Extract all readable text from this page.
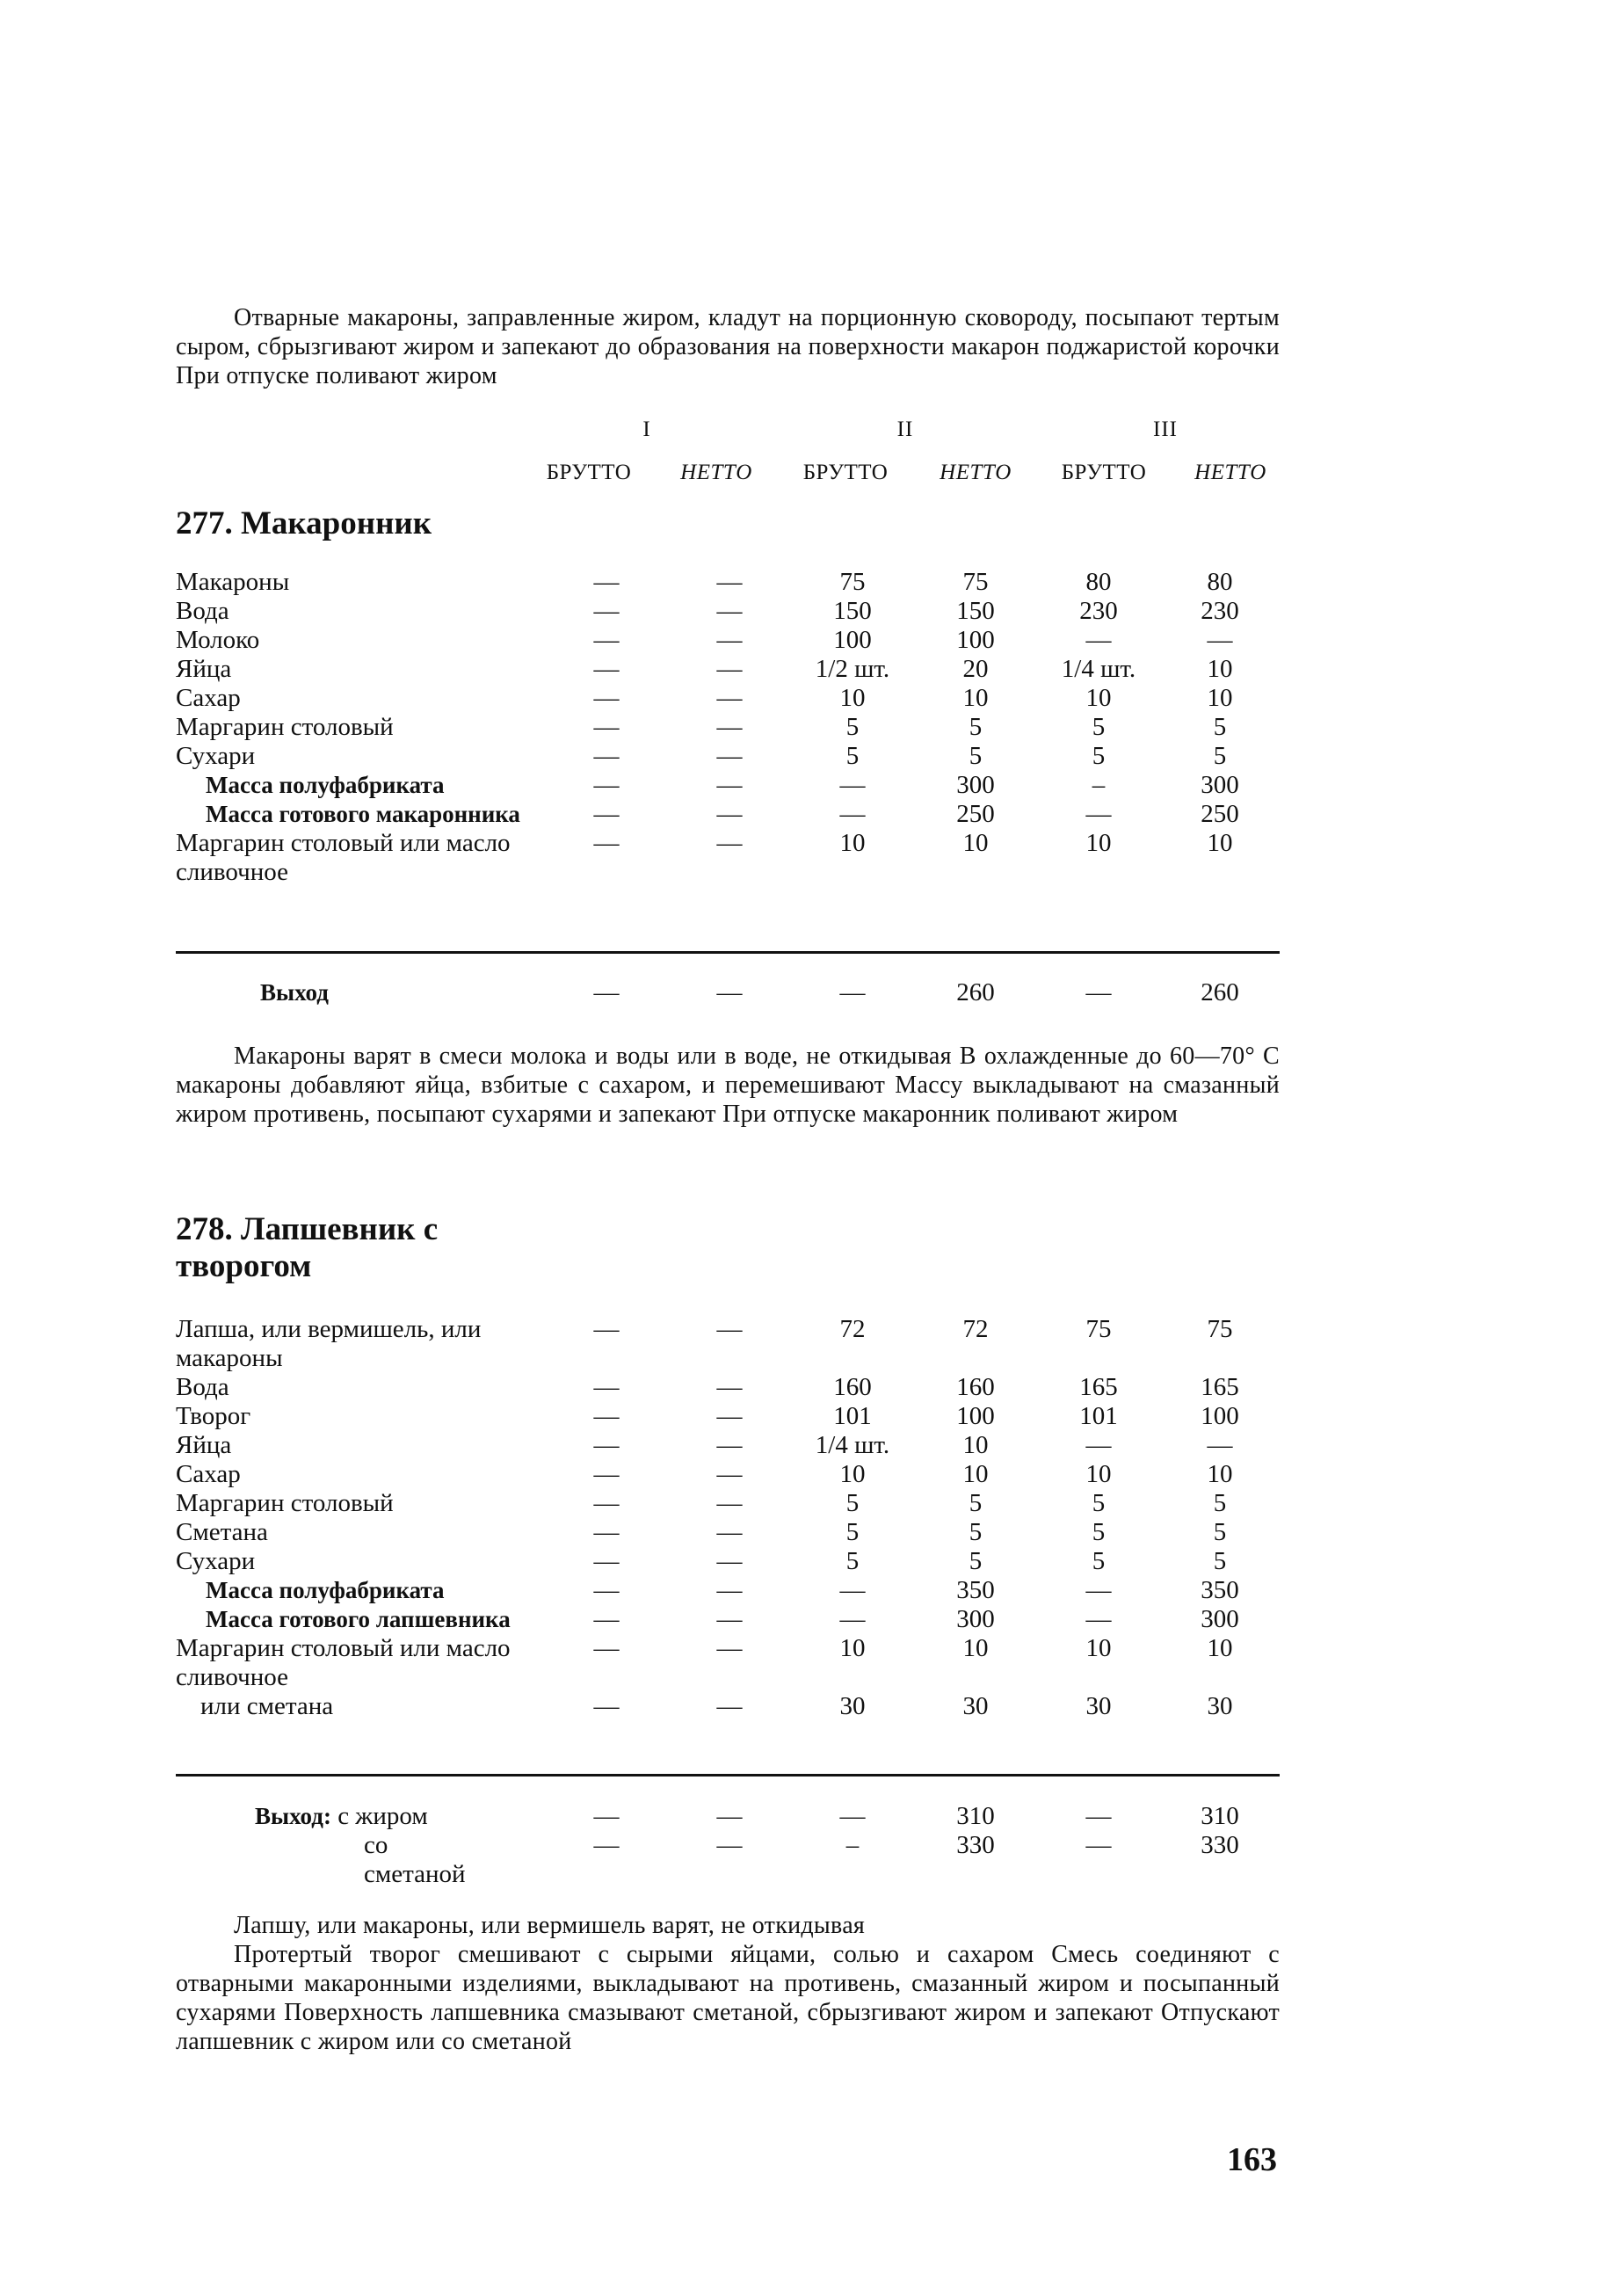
Отварные макароны, заправленные жиром, кладут на порционную сковороду, посыпают тертым сыром, сбрызгивают жиром и запекают до образования на поверхности макарон поджаристой корочки При отпуске поливают жиром

I	II	III
БРУТТО	НЕТТО	БРУТТО	НЕТТО	БРУТТО	НЕТТО
277. Макаронник
Макароны	—	—	75	75	80	80
Вода	—	—	150	150	230	230
Молоко	—	—	100	100	—	—
Яйца	—	—	1/2 шт.	20	1/4 шт.	10
Сахар	—	—	10	10	10	10
Маргарин столовый	—	—	5	5	5	5
Сухари	—	—	5	5	5	5
Масса полуфабриката	—	—	—	300	–	300
Масса готового макаронника	—	—	—	250	—	250
Маргарин столовый или масло сливочное	—	—	10	10	10	10
Выход	—	—	—	260	—	260

Макароны варят в смеси молока и воды или в воде, не откидывая В охлажденные до 60—70° С макароны добавляют яйца, взбитые с сахаром, и перемешивают Массу выкладывают на смазанный жиром противень, посыпают сухарями и запекают При отпуске макаронник поливают жиром

278. Лапшевник с творогом
Лапша, или вермишель, или макароны	—	—	72	72	75	75
Вода	—	—	160	160	165	165
Творог	—	—	101	100	101	100
Яйца	—	—	1/4 шт.	10	—	—
Сахар	—	—	10	10	10	10
Маргарин столовый	—	—	5	5	5	5
Сметана	—	—	5	5	5	5
Сухари	—	—	5	5	5	5
Масса полуфабриката	—	—	—	350	—	350
Масса готового лапшевника	—	—	—	300	—	300
Маргарин столовый или масло сливочное	—	—	10	10	10	10
или сметана	—	—	30	30	30	30
Выход: с жиром	—	—	—	310	—	310
со сметаной	—	—	–	330	—	330

Лапшу, или макароны, или вермишель варят, не откидывая

Протертый творог смешивают с сырыми яйцами, солью и сахаром Смесь соединяют с отварными макаронными изделиями, выкладывают на противень, смазанный жиром и посыпанный сухарями Поверхность лапшевника смазывают сметаной, сбрызгивают жиром и запекают Отпускают лапшевник с жиром или со сметаной

163
